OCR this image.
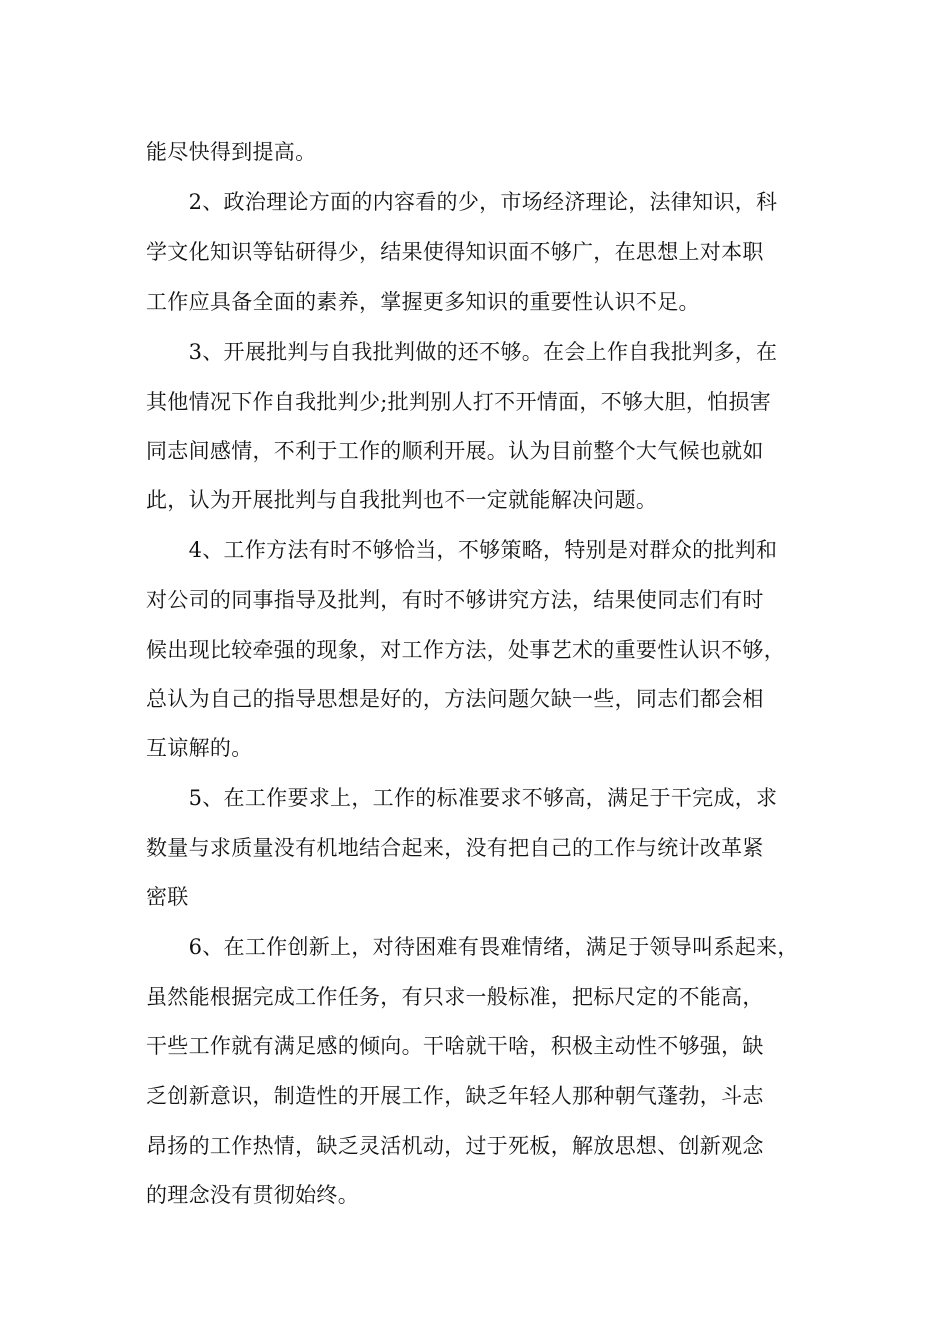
能尽快得到提高。

　　2、政治理论方面的内容看的少，市场经济理论，法律知识，科

学文化知识等钻研得少，结果使得知识面不够广，在思想上对本职

工作应具备全面的素养，掌握更多知识的重要性认识不足。

　　3、开展批判与自我批判做的还不够。在会上作自我批判多，在

其他情况下作自我批判少;批判别人打不开情面，不够大胆，怕损害

同志间感情，不利于工作的顺利开展。认为目前整个大气候也就如

此，认为开展批判与自我批判也不一定就能解决问题。

　　4、工作方法有时不够恰当，不够策略，特别是对群众的批判和

对公司的同事指导及批判，有时不够讲究方法，结果使同志们有时

候出现比较牵强的现象，对工作方法，处事艺术的重要性认识不够，

总认为自己的指导思想是好的，方法问题欠缺一些，同志们都会相

互谅解的。

　　5、在工作要求上，工作的标准要求不够高，满足于干完成，求

数量与求质量没有机地结合起来，没有把自己的工作与统计改革紧

密联

　　6、在工作创新上，对待困难有畏难情绪，满足于领导叫系起来，

虽然能根据完成工作任务，有只求一般标准，把标尺定的不能高，

干些工作就有满足感的倾向。干啥就干啥，积极主动性不够强，缺

乏创新意识，制造性的开展工作，缺乏年轻人那种朝气蓬勃，斗志

昂扬的工作热情，缺乏灵活机动，过于死板，解放思想、创新观念

的理念没有贯彻始终。
